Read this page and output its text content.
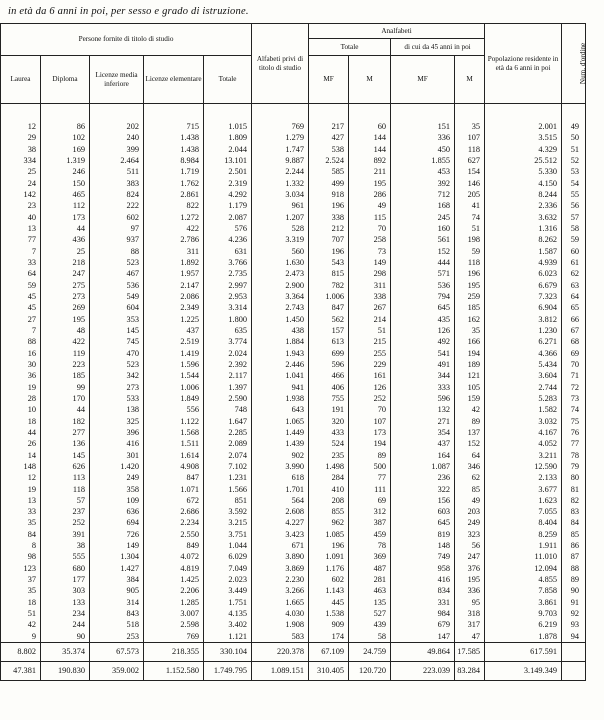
in età da 6 anni in poi, per sesso e grado di istruzione.
Persone fornite di titolo di studio					Alfabeti privi di titolo di studio	Analfabeti				Popolazione residente in età da 6 anni in poi	Num. d'ordine
						Totale		di cui da 45 anni in poi			
Laurea	Diploma	Licenze media inferiore	Licenze elementare	Totale		MF	M	MF	M		

12	86	202	715	1.015	769	217	60	151	35	2.001	49
29	102	240	1.438	1.809	1.279	427	144	336	107	3.515	50
38	169	399	1.438	2.044	1.747	538	144	450	118	4.329	51
334	1.319	2.464	8.984	13.101	9.887	2.524	892	1.855	627	25.512	52
25	246	511	1.719	2.501	2.244	585	211	453	154	5.330	53
24	150	383	1.762	2.319	1.332	499	195	392	146	4.150	54
142	465	824	2.861	4.292	3.034	918	286	712	205	8.244	55
23	112	222	822	1.179	961	196	49	168	41	2.336	56
40	173	602	1.272	2.087	1.207	338	115	245	74	3.632	57
13	44	97	422	576	528	212	70	160	51	1.316	58
77	436	937	2.786	4.236	3.319	707	258	561	198	8.262	59
7	25	88	311	631	560	196	73	152	59	1.587	60
33	218	523	1.892	3.766	1.630	543	149	444	118	4.939	61
64	247	467	1.957	2.735	2.473	815	298	571	196	6.023	62
59	275	536	2.147	2.997	2.900	782	311	536	195	6.679	63
45	273	549	2.086	2.953	3.364	1.006	338	794	259	7.323	64
45	269	604	2.349	3.314	2.743	847	267	645	185	6.904	65
27	195	353	1.225	1.800	1.450	562	214	435	162	3.812	66
7	48	145	437	635	438	157	51	126	35	1.230	67
88	422	745	2.519	3.774	1.884	613	215	492	166	6.271	68
16	119	470	1.419	2.024	1.943	699	255	541	194	4.366	69
30	223	523	1.596	2.392	2.446	596	229	491	189	5.434	70
36	185	342	1.544	2.117	1.041	466	161	344	121	3.604	71
19	99	273	1.006	1.397	941	406	126	333	105	2.744	72
28	170	533	1.849	2.590	1.938	755	252	596	159	5.283	73
10	44	138	556	748	643	191	70	132	42	1.582	74
18	182	325	1.122	1.647	1.065	320	107	271	89	3.032	75
44	277	396	1.568	2.285	1.449	433	173	354	137	4.167	76
26	136	416	1.511	2.089	1.439	524	194	437	152	4.052	77
14	145	301	1.614	2.074	902	235	89	164	64	3.211	78
148	626	1.420	4.908	7.102	3.990	1.498	500	1.087	346	12.590	79
12	113	249	847	1.231	618	284	77	236	62	2.133	80
19	118	358	1.071	1.566	1.701	410	111	322	85	3.677	81
13	57	109	672	851	564	208	69	156	49	1.623	82
33	237	636	2.686	3.592	2.608	855	312	603	203	7.055	83
35	252	694	2.234	3.215	4.227	962	387	645	249	8.404	84
84	391	726	2.550	3.751	3.423	1.085	459	819	323	8.259	85
8	38	149	849	1.044	671	196	78	148	56	1.911	86
98	555	1.304	4.072	6.029	3.890	1.091	369	749	247	11.010	87
123	680	1.427	4.819	7.049	3.869	1.176	487	958	376	12.094	88
37	177	384	1.425	2.023	2.230	602	281	416	195	4.855	89
35	303	905	2.206	3.449	3.266	1.143	463	834	336	7.858	90
18	133	314	1.285	1.751	1.665	445	135	331	95	3.861	91
51	234	843	3.007	4.135	4.030	1.538	527	984	318	9.703	92
42	244	518	2.598	3.402	1.908	909	439	679	317	6.219	93
9	90	253	769	1.121	583	174	58	147	47	1.878	94
8.802	35.374	67.573	218.355	330.104	220.378	67.109	24.759	49.864	17.585	617.591	
47.381	190.830	359.002	1.152.580	1.749.795	1.089.151	310.405	120.720	223.039	83.284	3.149.349	
